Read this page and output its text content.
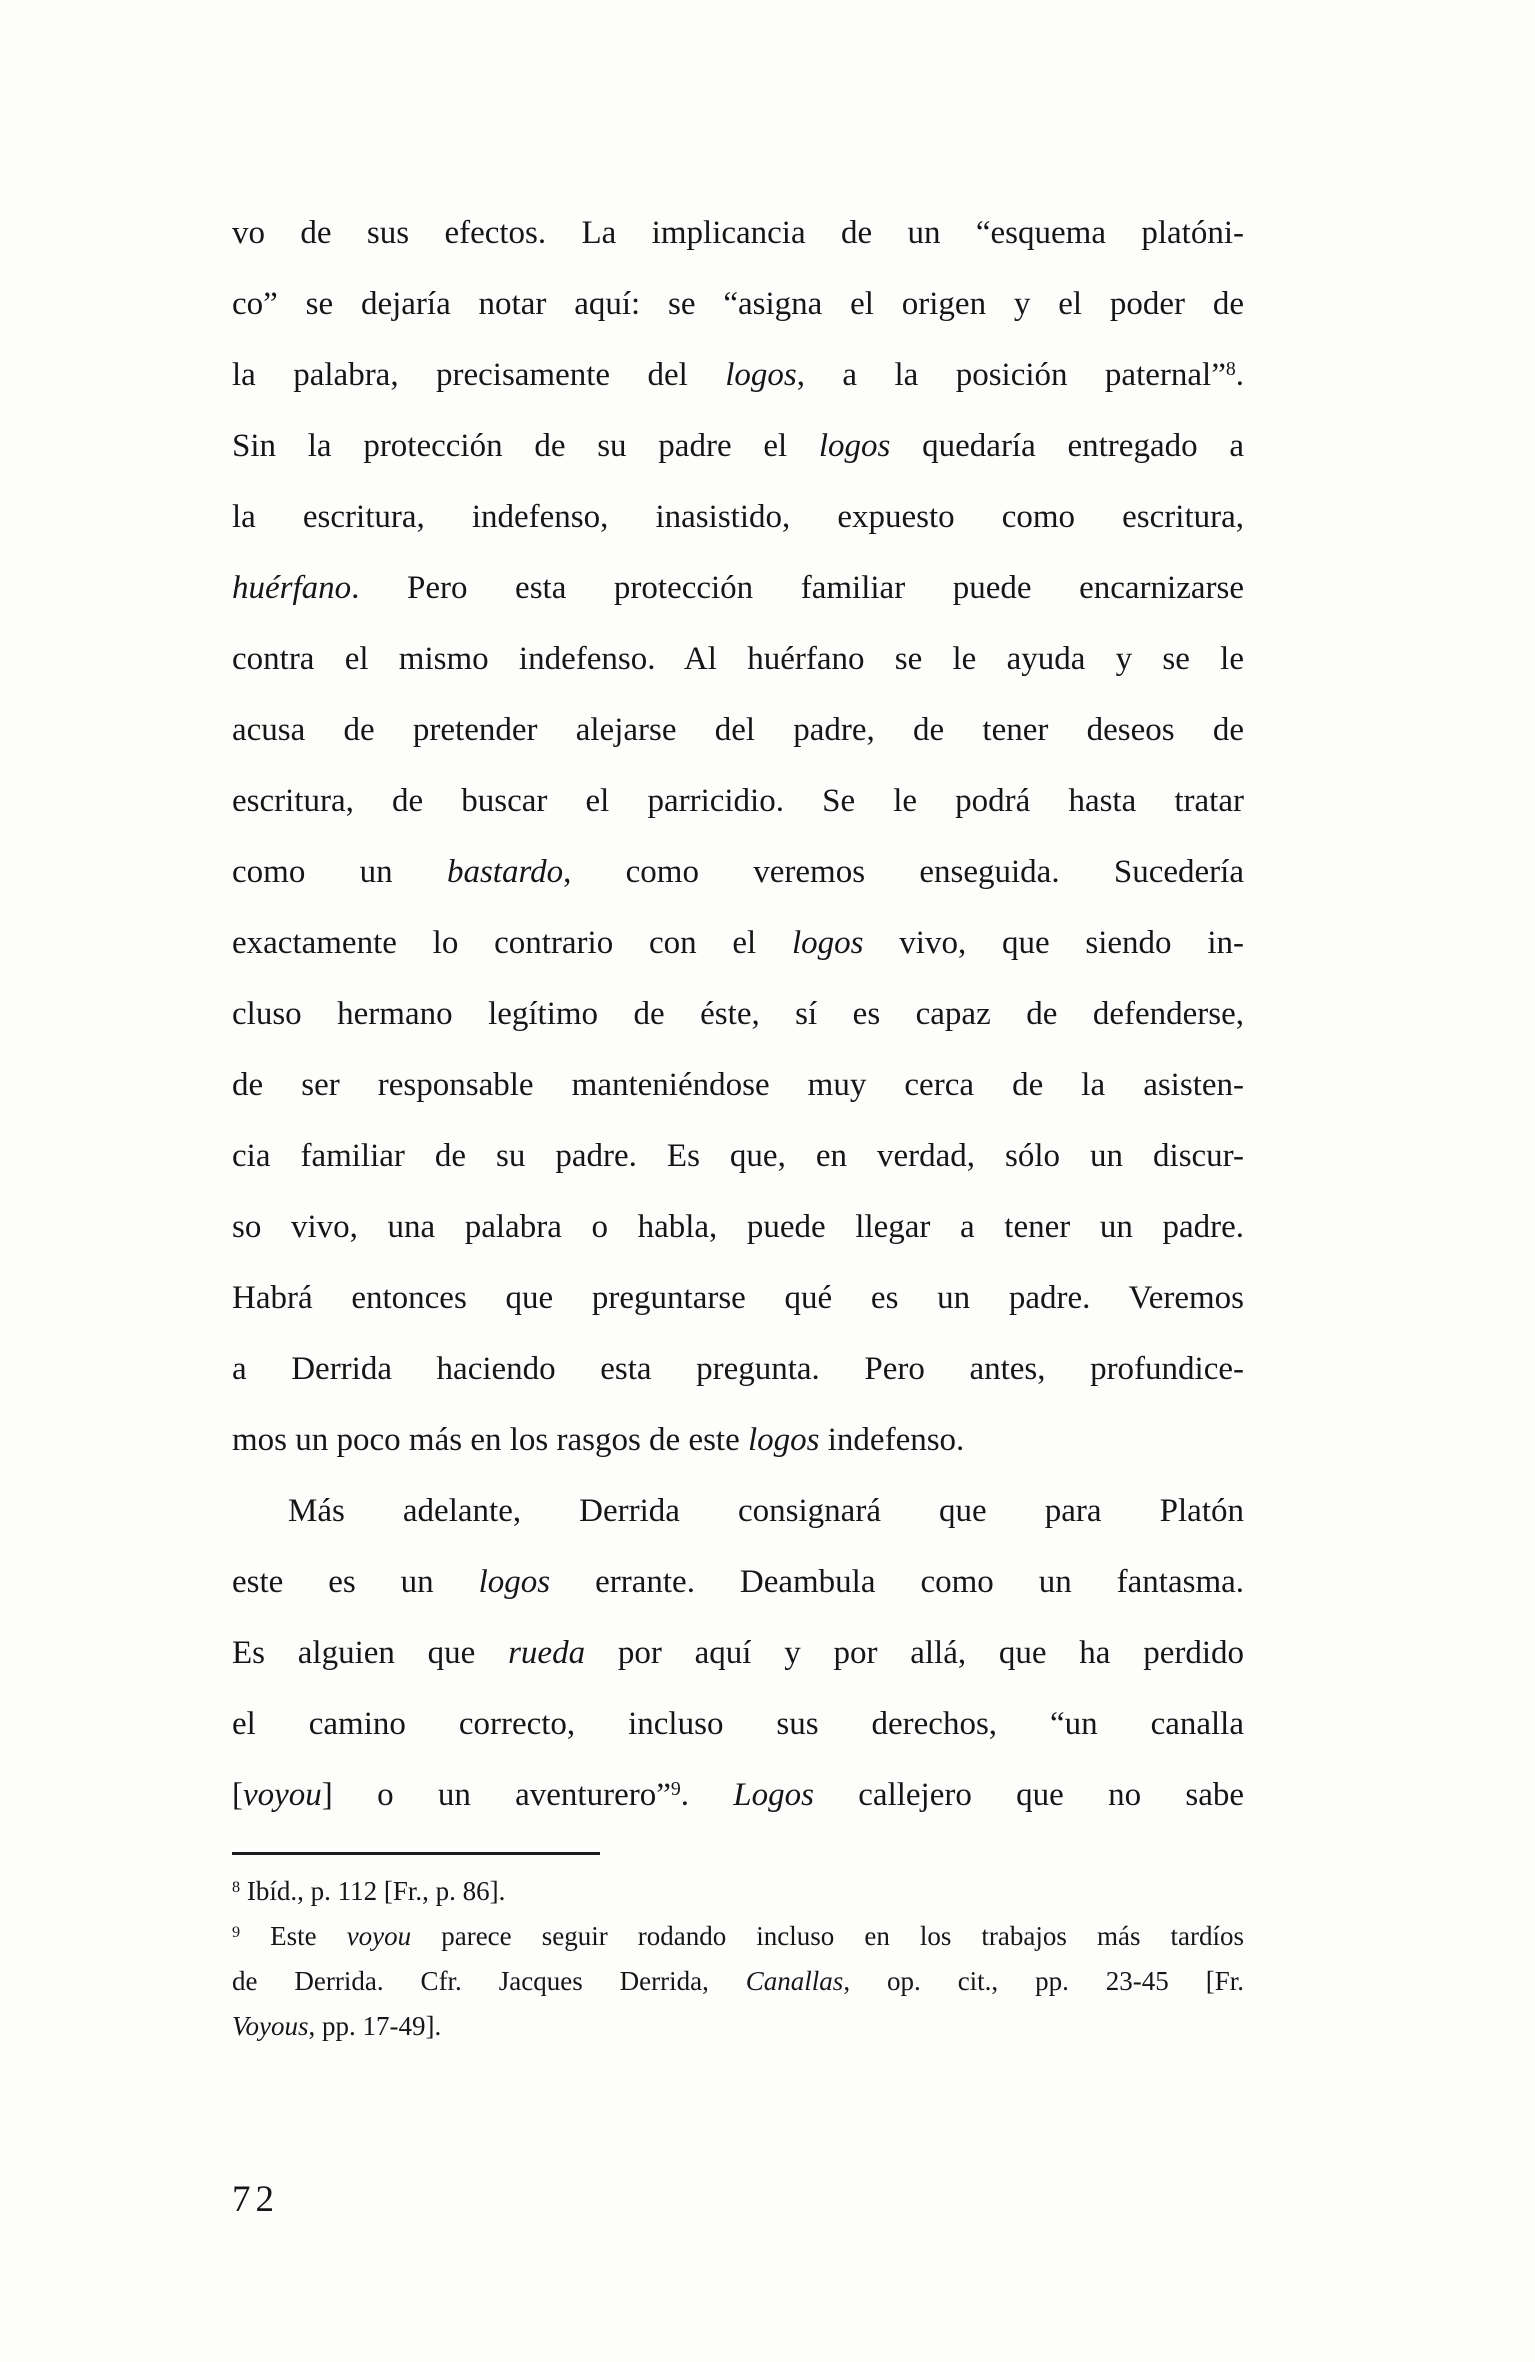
vo de sus efectos. La implicancia de un “esquema platóni-
co” se dejaría notar aquí: se “asigna el origen y el poder de
la palabra, precisamente del logos, a la posición paternal”$^8$.
Sin la protección de su padre el logos quedaría entregado a
la escritura, indefenso, inasistido, expuesto como escritura,
huérfano. Pero esta protección familiar puede encarnizarse
contra el mismo indefenso. Al huérfano se le ayuda y se le
acusa de pretender alejarse del padre, de tener deseos de
escritura, de buscar el parricidio. Se le podrá hasta tratar
como un bastardo, como veremos enseguida. Sucedería
exactamente lo contrario con el logos vivo, que siendo in-
cluso hermano legítimo de éste, sí es capaz de defenderse,
de ser responsable manteniéndose muy cerca de la asisten-
cia familiar de su padre. Es que, en verdad, sólo un discur-
so vivo, una palabra o habla, puede llegar a tener un padre.
Habrá entonces que preguntarse qué es un padre. Veremos
a Derrida haciendo esta pregunta. Pero antes, profundice-
mos un poco más en los rasgos de este logos indefenso.
Más adelante, Derrida consignará que para Platón
este es un logos errante. Deambula como un fantasma.
Es alguien que rueda por aquí y por allá, que ha perdido
el camino correcto, incluso sus derechos, “un canalla
[voyou] o un aventurero”$^9$. Logos callejero que no sabe
$^8$ Ibíd., p. 112 [Fr., p. 86].
$^9$ Este voyou parece seguir rodando incluso en los trabajos más tardíos
de Derrida. Cfr. Jacques Derrida, Canallas, op. cit., pp. 23-45 [Fr.
Voyous, pp. 17-49].
72
